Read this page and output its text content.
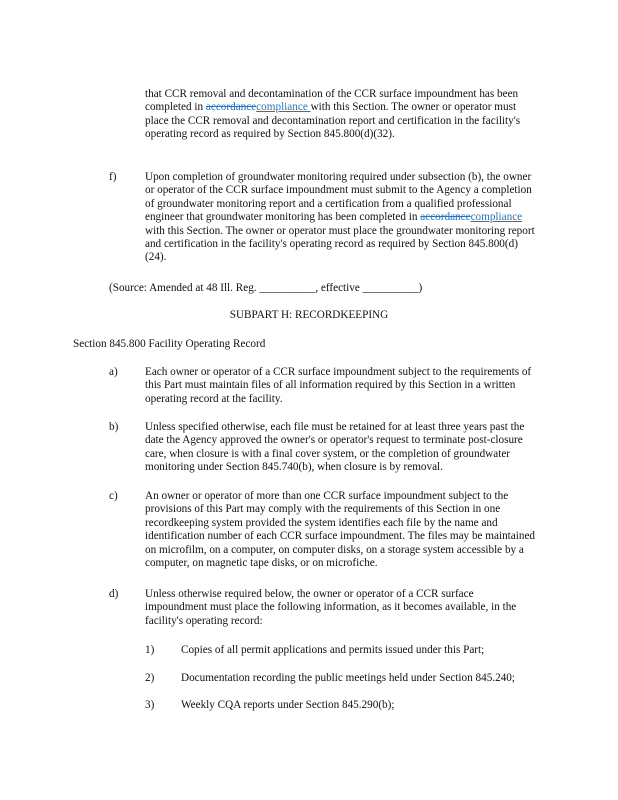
that CCR removal and decontamination of the CCR surface impoundment has been completed in accordancecompliance with this Section. The owner or operator must place the CCR removal and decontamination report and certification in the facility's operating record as required by Section 845.800(d)(32).
f)	Upon completion of groundwater monitoring required under subsection (b), the owner or operator of the CCR surface impoundment must submit to the Agency a completion of groundwater monitoring report and a certification from a qualified professional engineer that groundwater monitoring has been completed in accordancecompliance with this Section. The owner or operator must place the groundwater monitoring report and certification in the facility's operating record as required by Section 845.800(d)(24).
(Source: Amended at 48 Ill. Reg. __________, effective __________)
SUBPART H: RECORDKEEPING
Section 845.800 Facility Operating Record
a) Each owner or operator of a CCR surface impoundment subject to the requirements of this Part must maintain files of all information required by this Section in a written operating record at the facility.
b) Unless specified otherwise, each file must be retained for at least three years past the date the Agency approved the owner's or operator's request to terminate post-closure care, when closure is with a final cover system, or the completion of groundwater monitoring under Section 845.740(b), when closure is by removal.
c) An owner or operator of more than one CCR surface impoundment subject to the provisions of this Part may comply with the requirements of this Section in one recordkeeping system provided the system identifies each file by the name and identification number of each CCR surface impoundment. The files may be maintained on microfilm, on a computer, on computer disks, on a storage system accessible by a computer, on magnetic tape disks, or on microfiche.
d) Unless otherwise required below, the owner or operator of a CCR surface impoundment must place the following information, as it becomes available, in the facility's operating record:
1) Copies of all permit applications and permits issued under this Part;
2) Documentation recording the public meetings held under Section 845.240;
3) Weekly CQA reports under Section 845.290(b);
